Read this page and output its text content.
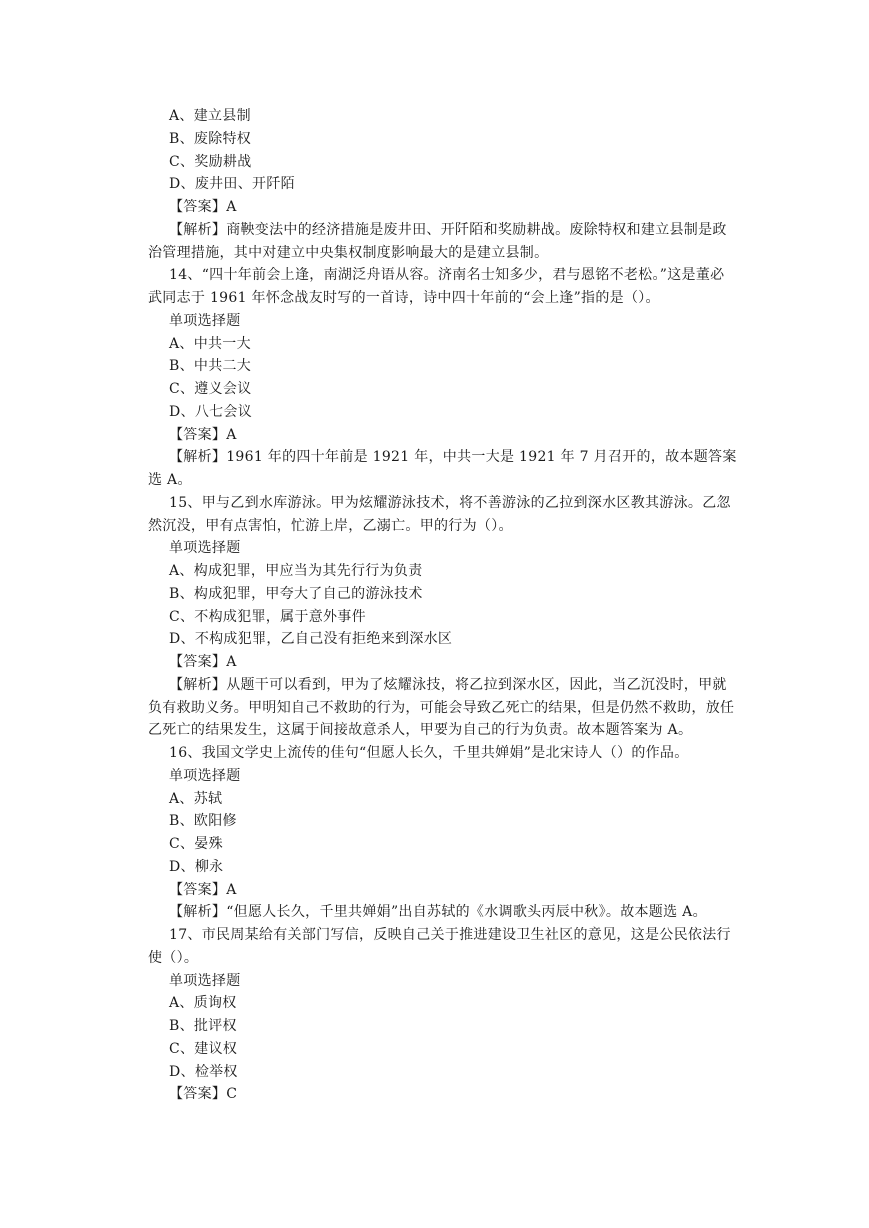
A、建立县制

B、废除特权

C、奖励耕战

D、废井田、开阡陌

【答案】A

【解析】商鞅变法中的经济措施是废井田、开阡陌和奖励耕战。废除特权和建立县制是政治管理措施，其中对建立中央集权制度影响最大的是建立县制。

14、“四十年前会上逢，南湖泛舟语从容。济南名士知多少，君与恩铭不老松。”这是董必武同志于 1961 年怀念战友时写的一首诗，诗中四十年前的“会上逢”指的是（）。

单项选择题

A、中共一大

B、中共二大

C、遵义会议

D、八七会议

【答案】A

【解析】1961 年的四十年前是 1921 年，中共一大是 1921 年 7 月召开的，故本题答案选 A。

15、甲与乙到水库游泳。甲为炫耀游泳技术，将不善游泳的乙拉到深水区教其游泳。乙忽然沉没，甲有点害怕，忙游上岸，乙溺亡。甲的行为（）。

单项选择题

A、构成犯罪，甲应当为其先行行为负责

B、构成犯罪，甲夸大了自己的游泳技术

C、不构成犯罪，属于意外事件

D、不构成犯罪，乙自己没有拒绝来到深水区

【答案】A

【解析】从题干可以看到，甲为了炫耀泳技，将乙拉到深水区，因此，当乙沉没时，甲就负有救助义务。甲明知自己不救助的行为，可能会导致乙死亡的结果，但是仍然不救助，放任乙死亡的结果发生，这属于间接故意杀人，甲要为自己的行为负责。故本题答案为 A。

16、我国文学史上流传的佳句“但愿人长久，千里共婵娟”是北宋诗人（）的作品。

单项选择题

A、苏轼

B、欧阳修

C、晏殊

D、柳永

【答案】A

【解析】“但愿人长久，千里共婵娟”出自苏轼的《水调歌头丙辰中秋》。故本题选 A。

17、市民周某给有关部门写信，反映自己关于推进建设卫生社区的意见，这是公民依法行使（）。

单项选择题

A、质询权

B、批评权

C、建议权

D、检举权

【答案】C
